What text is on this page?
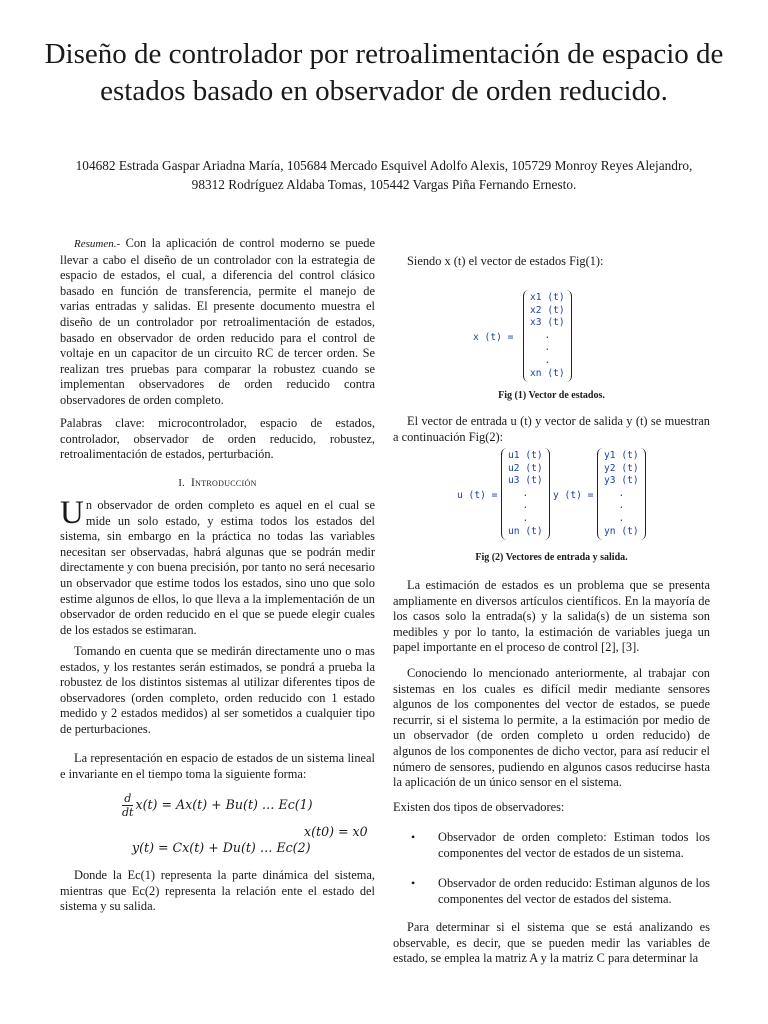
Diseño de controlador por retroalimentación de espacio de estados basado en observador de orden reducido.
104682 Estrada Gaspar Ariadna María, 105684 Mercado Esquivel Adolfo Alexis, 105729 Monroy Reyes Alejandro, 98312 Rodríguez Aldaba Tomas, 105442 Vargas Piña Fernando Ernesto.
Resumen.- Con la aplicación de control moderno se puede llevar a cabo el diseño de un controlador con la estrategia de espacio de estados, el cual, a diferencia del control clásico basado en función de transferencia, permite el manejo de varias entradas y salidas. El presente documento muestra el diseño de un controlador por retroalimentación de estados, basado en observador de orden reducido para el control de voltaje en un capacitor de un circuito RC de tercer orden. Se realizan tres pruebas para comparar la robustez cuando se implementan observadores de orden reducido contra observadores de orden completo.
Palabras clave: microcontrolador, espacio de estados, controlador, observador de orden reducido, robustez, retroalimentación de estados, perturbación.
I. Introducción
Un observador de orden completo es aquel en el cual se mide un solo estado, y estima todos los estados del sistema, sin embargo en la práctica no todas las variables necesitan ser observadas, habrá algunas que se podrán medir directamente y con buena precisión, por tanto no será necesario un observador que estime todos los estados, sino uno que solo estime algunos de ellos, lo que lleva a la implementación de un observador de orden reducido en el que se puede elegir cuales de los estados se estimaran.
Tomando en cuenta que se medirán directamente uno o mas estados, y los restantes serán estimados, se pondrá a prueba la robustez de los distintos sistemas al utilizar diferentes tipos de observadores (orden completo, orden reducido con 1 estado medido y 2 estados medidos) al ser sometidos a cualquier tipo de perturbaciones.
La representación en espacio de estados de un sistema lineal e invariante en el tiempo toma la siguiente forma:
$\frac{d}{dt} x(t) = Ax(t) + Bu(t)$ … Ec(1)
x(t0) = x0
y(t) = Cx(t) + Du(t) … Ec(2)
Donde la Ec(1) representa la parte dinámica del sistema, mientras que Ec(2) representa la relación ente el estado del sistema y su salida.
Siendo x (t) el vector de estados Fig(1):
x (t) =
x1 (t)
x2 (t)
x3 (t)
.
.
.
xn (t)
Fig (1) Vector de estados.
El vector de entrada u (t) y vector de salida y (t) se muestran a continuación Fig(2):
u (t) =
u1 (t)
u2 (t)
u3 (t)
.
.
.
un (t)
y (t) =
y1 (t)
y2 (t)
y3 (t)
.
.
.
yn (t)
Fig (2) Vectores de entrada y salida.
La estimación de estados es un problema que se presenta ampliamente en diversos artículos científicos. En la mayoría de los casos solo la entrada(s) y la salida(s) de un sistema son medibles y por lo tanto, la estimación de variables juega un papel importante en el proceso de control [2], [3].
Conociendo lo mencionado anteriormente, al trabajar con sistemas en los cuales es difícil medir mediante sensores algunos de los componentes del vector de estados, se puede recurrir, si el sistema lo permite, a la estimación por medio de un observador (de orden completo u orden reducido) de algunos de los componentes de dicho vector, para así reducir el número de sensores, pudiendo en algunos casos reducirse hasta la aplicación de un único sensor en el sistema.
Existen dos tipos de observadores:
• Observador de orden completo: Estiman todos los componentes del vector de estados de un sistema.
• Observador de orden reducido: Estiman algunos de los componentes del vector de estados del sistema.
Para determinar si el sistema que se está analizando es observable, es decir, que se pueden medir las variables de estado, se emplea la matriz A y la matriz C para determinar la
